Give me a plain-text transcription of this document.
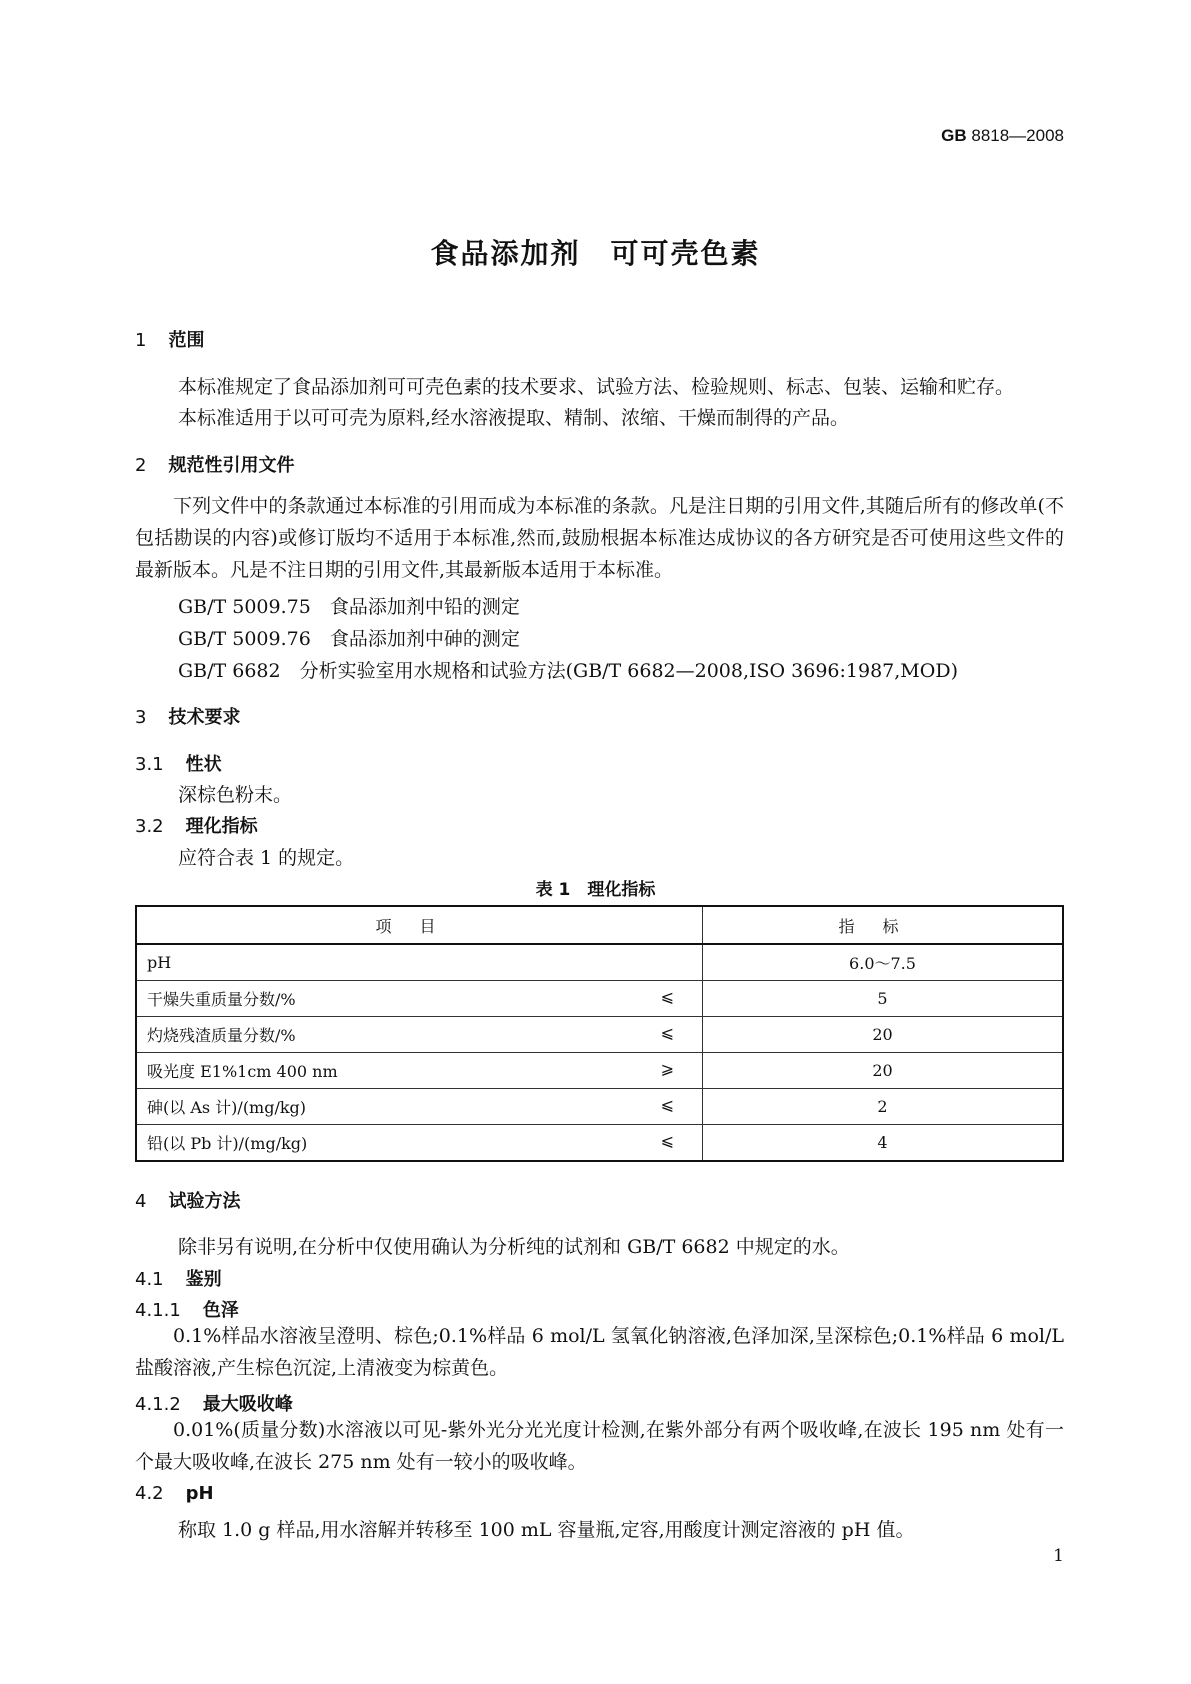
GB 8818—2008
食品添加剂　可可壳色素
1 范围
本标准规定了食品添加剂可可壳色素的技术要求、试验方法、检验规则、标志、包装、运输和贮存。
本标准适用于以可可壳为原料,经水溶液提取、精制、浓缩、干燥而制得的产品。
2 规范性引用文件
下列文件中的条款通过本标准的引用而成为本标准的条款。凡是注日期的引用文件,其随后所有的修改单(不包括勘误的内容)或修订版均不适用于本标准,然而,鼓励根据本标准达成协议的各方研究是否可使用这些文件的最新版本。凡是不注日期的引用文件,其最新版本适用于本标准。
GB/T 5009.75　食品添加剂中铅的测定
GB/T 5009.76　食品添加剂中砷的测定
GB/T 6682　分析实验室用水规格和试验方法(GB/T 6682—2008,ISO 3696:1987,MOD)
3 技术要求
3.1 性状
深棕色粉末。
3.2 理化指标
应符合表 1 的规定。
表 1　理化指标
项目	指标
pH	6.0～7.5
干燥失重质量分数/% ⩽	5
灼烧残渣质量分数/% ⩽	20
吸光度 E1%1cm 400 nm ⩾	20
砷(以 As 计)/(mg/kg) ⩽	2
铅(以 Pb 计)/(mg/kg) ⩽	4
4 试验方法
除非另有说明,在分析中仅使用确认为分析纯的试剂和 GB/T 6682 中规定的水。
4.1 鉴别
4.1.1 色泽
0.1%样品水溶液呈澄明、棕色;0.1%样品 6 mol/L 氢氧化钠溶液,色泽加深,呈深棕色;0.1%样品 6 mol/L 盐酸溶液,产生棕色沉淀,上清液变为棕黄色。
4.1.2 最大吸收峰
0.01%(质量分数)水溶液以可见-紫外光分光光度计检测,在紫外部分有两个吸收峰,在波长 195 nm 处有一个最大吸收峰,在波长 275 nm 处有一较小的吸收峰。
4.2 pH
称取 1.0 g 样品,用水溶解并转移至 100 mL 容量瓶,定容,用酸度计测定溶液的 pH 值。
1
